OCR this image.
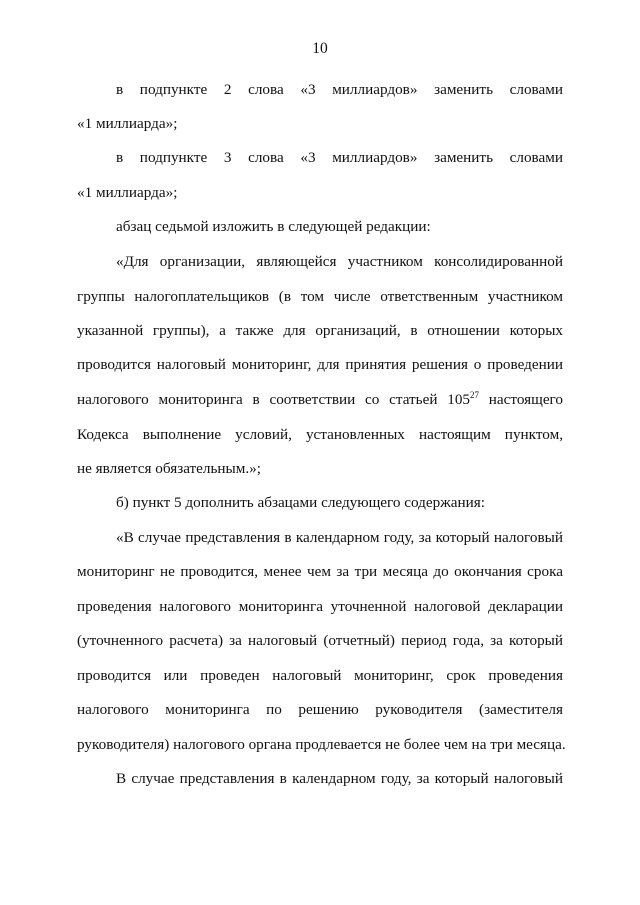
10
в подпункте 2 слова «3 миллиардов» заменить словами
«1 миллиарда»;
в подпункте 3 слова «3 миллиардов» заменить словами
«1 миллиарда»;
абзац седьмой изложить в следующей редакции:
«Для организации, являющейся участником консолидированной
группы налогоплательщиков (в том числе ответственным участником
указанной группы), а также для организаций, в отношении которых
проводится налоговый мониторинг, для принятия решения о проведении
налогового мониторинга в соответствии со статьей $105^{27}$ настоящего
Кодекса выполнение условий, установленных настоящим пунктом,
не является обязательным.»;
б) пункт 5 дополнить абзацами следующего содержания:
«В случае представления в календарном году, за который налоговый
мониторинг не проводится, менее чем за три месяца до окончания срока
проведения налогового мониторинга уточненной налоговой декларации
(уточненного расчета) за налоговый (отчетный) период года, за который
проводится или проведен налоговый мониторинг, срок проведения
налогового мониторинга по решению руководителя (заместителя
руководителя) налогового органа продлевается не более чем на три месяца.
В случае представления в календарном году, за который налоговый
